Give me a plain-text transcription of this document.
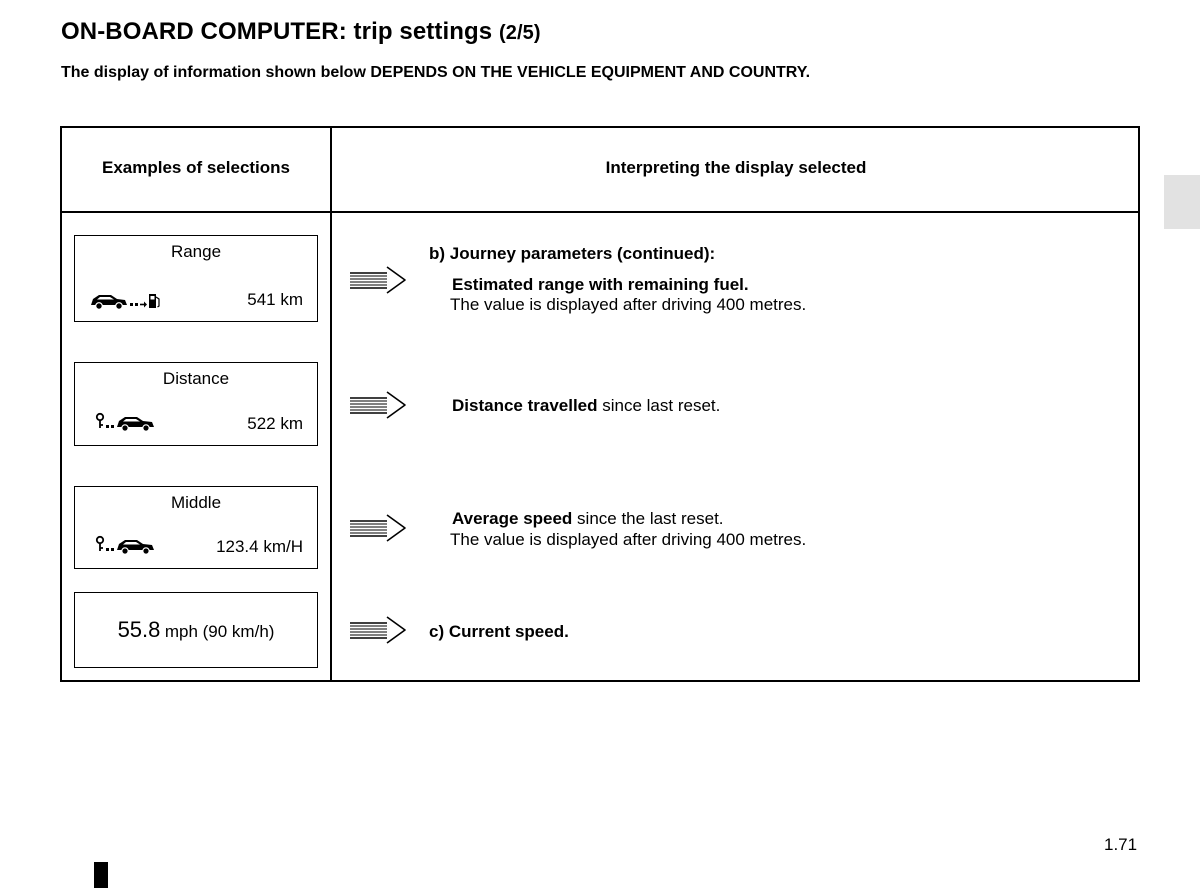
ON-BOARD COMPUTER: trip settings (2/5)
The display of information shown below DEPENDS ON THE VEHICLE EQUIPMENT AND COUNTRY.
Examples of selections	Interpreting the display selected
Range
541 km
b) Journey parameters (continued):
Estimated range with remaining fuel.
The value is displayed after driving 400 metres.
Distance
522 km
Distance travelled since last reset.
Middle
123.4 km/H
Average speed since the last reset.
The value is displayed after driving 400 metres.
55.8 mph (90 km/h)	c) Current speed.
1.71
